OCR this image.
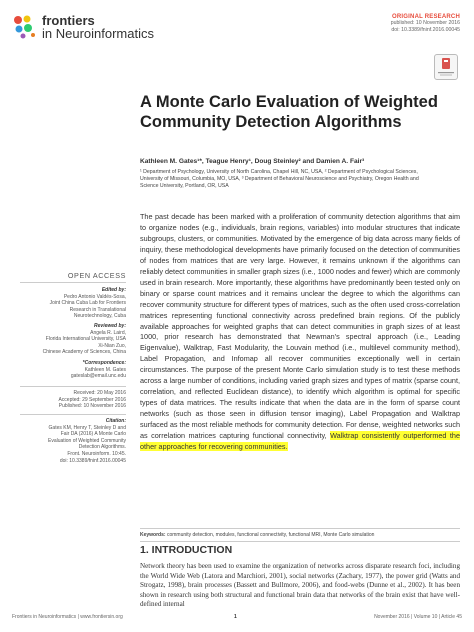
frontiers
in Neuroinformatics
ORIGINAL RESEARCH
published: 10 November 2016
doi: 10.3389/fninf.2016.00045
A Monte Carlo Evaluation of Weighted Community Detection Algorithms
Kathleen M. Gates¹*, Teague Henry¹, Doug Steinley² and Damien A. Fair³
¹ Department of Psychology, University of North Carolina, Chapel Hill, NC, USA, ² Department of Psychological Sciences,
University of Missouri, Columbia, MO, USA, ³ Department of Behavioral Neuroscience and Psychiatry, Oregon Health and
Science University, Portland, OR, USA

The past decade has been marked with a proliferation of community detection algorithms that aim to organize nodes (e.g., individuals, brain regions, variables) into modular structures that indicate subgroups, clusters, or communities. Motivated by the emergence of big data across many fields of inquiry, these methodological developments have primarily focused on the detection of communities of nodes from matrices that are very large. However, it remains unknown if the algorithms can reliably detect communities in smaller graph sizes (i.e., 1000 nodes and fewer) which are commonly used in brain research. More importantly, these algorithms have predominantly been tested only on binary or sparse count matrices and it remains unclear the degree to which the algorithms can recover community structure for different types of matrices, such as the often used cross-correlation matrices representing functional connectivity across predefined brain regions. Of the publicly available approaches for weighted graphs that can detect communities in graph sizes of at least 1000, prior research has demonstrated that Newman's spectral approach (i.e., Leading Eigenvalue), Walktrap, Fast Modularity, the Louvain method (i.e., multilevel community method), Label Propagation, and Infomap all recover communities exceptionally well in certain circumstances. The purpose of the present Monte Carlo simulation study is to test these methods across a large number of conditions, including varied graph sizes and types of matrix (sparse count, correlation, and reflected Euclidean distance), to identify which algorithm is optimal for specific types of data matrices. The results indicate that when the data are in the form of sparse count networks (such as those seen in diffusion tensor imaging), Label Propagation and Walktrap surfaced as the most reliable methods for community detection. For dense, weighted networks such as correlation matrices capturing functional connectivity, Walktrap consistently outperformed the other approaches for recovering communities.

Keywords: community detection, modules, functional connectivity, functional MRI, Monte Carlo simulation
1. INTRODUCTION
Network theory has been used to examine the organization of networks across disparate research foci, including the World Wide Web (Latora and Marchiori, 2001), social networks (Zachary, 1977), the power grid (Watts and Strogatz, 1998), brain processes (Bassett and Bullmore, 2006), and food-webs (Dunne et al., 2002). It has been shown in research using both structural and functional brain data that networks of the brain exist that have well-defined internal
OPEN ACCESS
Edited by:
Pedro Antonio Valdés-Sosa,
Joint China Cuba Lab for Frontiers
Research in Translational
Neurotechnology, Cuba
Reviewed by:
Angela R. Laird,
Florida International University, USA
Xi-Nian Zuo,
Chinese Academy of Sciences, China
*Correspondence:
Kathleen M. Gates
gateslab@email.unc.edu
Received: 20 May 2016
Accepted: 29 September 2016
Published: 10 November 2016
Citation:
Gates KM, Henry T, Steinley D and
Fair DA (2016) A Monte Carlo
Evaluation of Weighted Community
Detection Algorithms.
Front. Neuroinform. 10:45.
doi: 10.3389/fninf.2016.00045
Frontiers in Neuroinformatics | www.frontiersin.org	1	November 2016 | Volume 10 | Article 45
